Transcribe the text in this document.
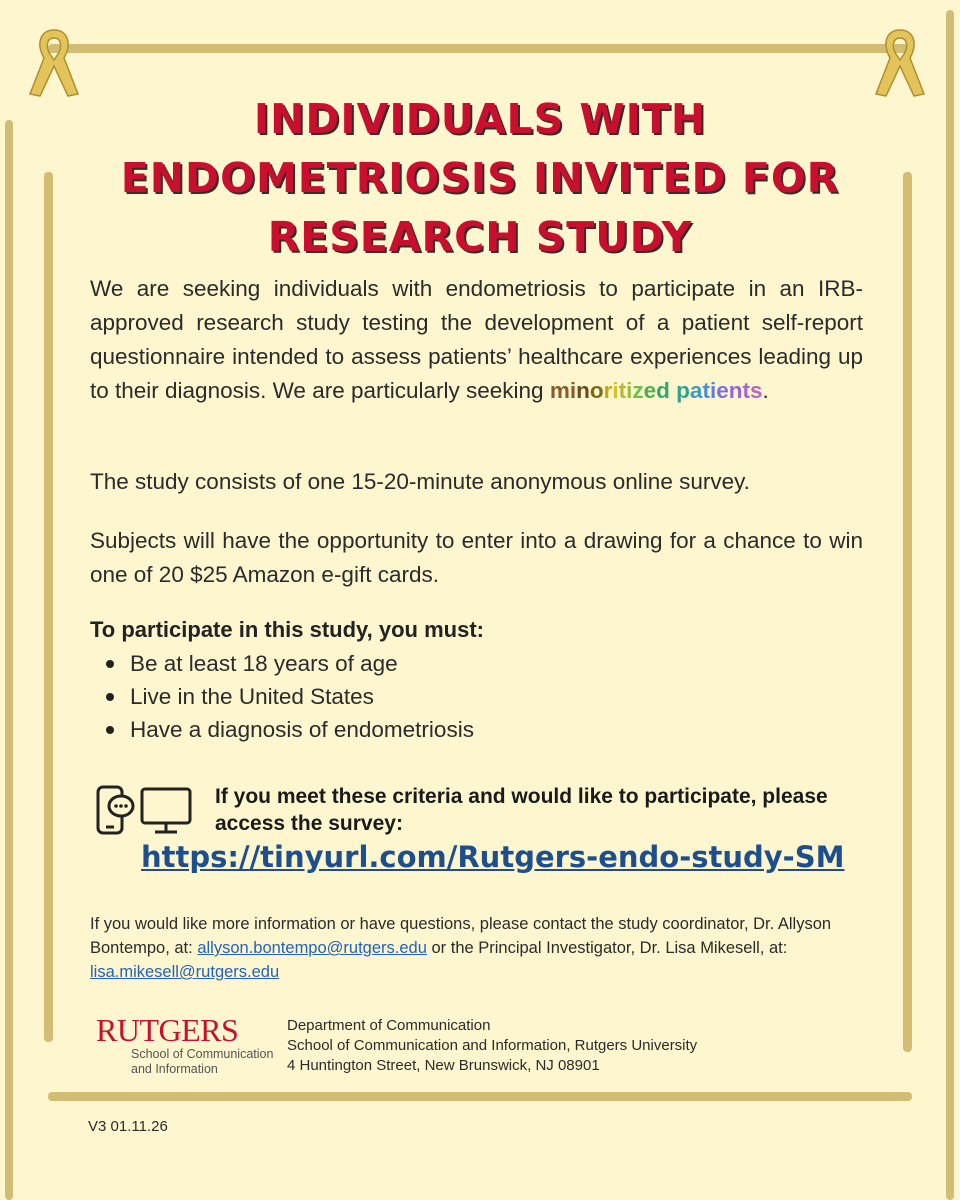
INDIVIDUALS WITH ENDOMETRIOSIS INVITED FOR RESEARCH STUDY
We are seeking individuals with endometriosis to participate in an IRB-approved research study testing the development of a patient self-report questionnaire intended to assess patients’ healthcare experiences leading up to their diagnosis. We are particularly seeking minoritized patients.
The study consists of one 15-20-minute anonymous online survey.
Subjects will have the opportunity to enter into a drawing for a chance to win one of 20 $25 Amazon e-gift cards.
To participate in this study, you must:
Be at least 18 years of age
Live in the United States
Have a diagnosis of endometriosis
If you meet these criteria and would like to participate, please access the survey:
https://tinyurl.com/Rutgers-endo-study-SM
If you would like more information or have questions, please contact the study coordinator, Dr. Allyson Bontempo, at: allyson.bontempo@rutgers.edu or the Principal Investigator, Dr. Lisa Mikesell, at: lisa.mikesell@rutgers.edu
RUTGERS
School of Communication and Information
Department of Communication
School of Communication and Information, Rutgers University
4 Huntington Street, New Brunswick, NJ 08901
V3 01.11.26
